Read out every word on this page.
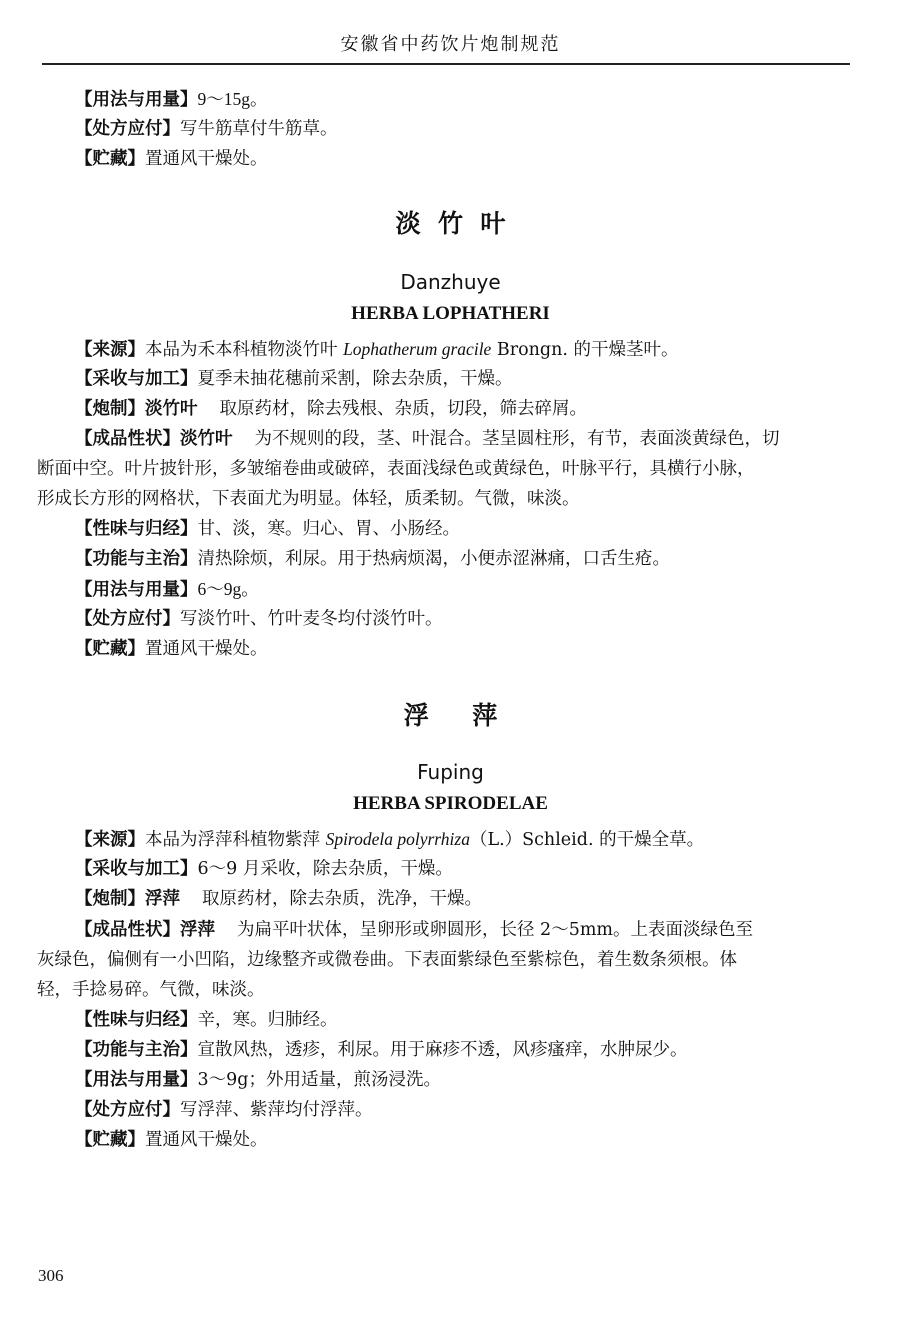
安徽省中药饮片炮制规范
【用法与用量】9～15g。
【处方应付】写牛筋草付牛筋草。
【贮藏】置通风干燥处。
淡  竹  叶
Danzhuye
HERBA LOPHATHERI
【来源】本品为禾本科植物淡竹叶 Lophatherum gracile Brongn. 的干燥茎叶。
【采收与加工】夏季未抽花穗前采割，除去杂质，干燥。
【炮制】淡竹叶 取原药材，除去残根、杂质，切段，筛去碎屑。
【成品性状】淡竹叶 为不规则的段，茎、叶混合。茎呈圆柱形，有节，表面淡黄绿色，切
断面中空。叶片披针形，多皱缩卷曲或破碎，表面浅绿色或黄绿色，叶脉平行，具横行小脉，
形成长方形的网格状，下表面尤为明显。体轻，质柔韧。气微，味淡。
【性味与归经】甘、淡，寒。归心、胃、小肠经。
【功能与主治】清热除烦，利尿。用于热病烦渴，小便赤涩淋痛，口舌生疮。
【用法与用量】6～9g。
【处方应付】写淡竹叶、竹叶麦冬均付淡竹叶。
【贮藏】置通风干燥处。
浮     萍
Fuping
HERBA SPIRODELAE
【来源】本品为浮萍科植物紫萍 Spirodela polyrrhiza（L.）Schleid. 的干燥全草。
【采收与加工】6～9 月采收，除去杂质，干燥。
【炮制】浮萍 取原药材，除去杂质，洗净，干燥。
【成品性状】浮萍 为扁平叶状体，呈卵形或卵圆形，长径 2～5mm。上表面淡绿色至
灰绿色，偏侧有一小凹陷，边缘整齐或微卷曲。下表面紫绿色至紫棕色，着生数条须根。体
轻，手捻易碎。气微，味淡。
【性味与归经】辛，寒。归肺经。
【功能与主治】宣散风热，透疹，利尿。用于麻疹不透，风疹瘙痒，水肿尿少。
【用法与用量】3～9g；外用适量，煎汤浸洗。
【处方应付】写浮萍、紫萍均付浮萍。
【贮藏】置通风干燥处。
306
